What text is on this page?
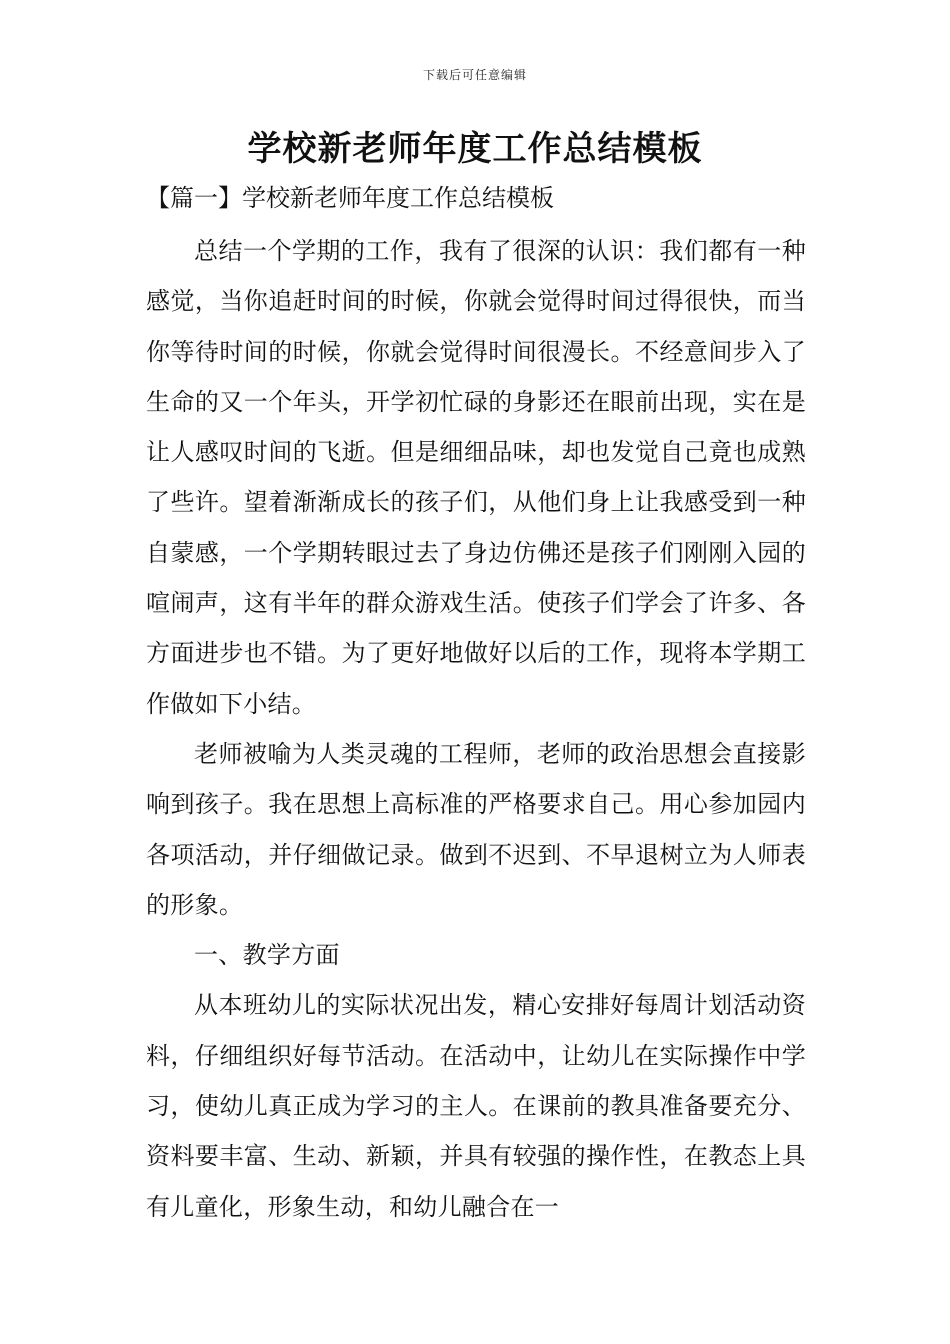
下载后可任意编辑
学校新老师年度工作总结模板
【篇一】学校新老师年度工作总结模板

总结一个学期的工作，我有了很深的认识：我们都有一种感觉，当你追赶时间的时候，你就会觉得时间过得很快，而当你等待时间的时候，你就会觉得时间很漫长。不经意间步入了生命的又一个年头，开学初忙碌的身影还在眼前出现，实在是让人感叹时间的飞逝。但是细细品味，却也发觉自己竟也成熟了些许。望着渐渐成长的孩子们，从他们身上让我感受到一种自蒙感，一个学期转眼过去了身边仿佛还是孩子们刚刚入园的喧闹声，这有半年的群众游戏生活。使孩子们学会了许多、各方面进步也不错。为了更好地做好以后的工作，现将本学期工作做如下小结。

老师被喻为人类灵魂的工程师，老师的政治思想会直接影响到孩子。我在思想上高标准的严格要求自己。用心参加园内各项活动，并仔细做记录。做到不迟到、不早退树立为人师表的形象。

一、教学方面

从本班幼儿的实际状况出发，精心安排好每周计划活动资料，仔细组织好每节活动。在活动中，让幼儿在实际操作中学习，使幼儿真正成为学习的主人。在课前的教具准备要充分、资料要丰富、生动、新颖，并具有较强的操作性，在教态上具有儿童化，形象生动，和幼儿融合在一
